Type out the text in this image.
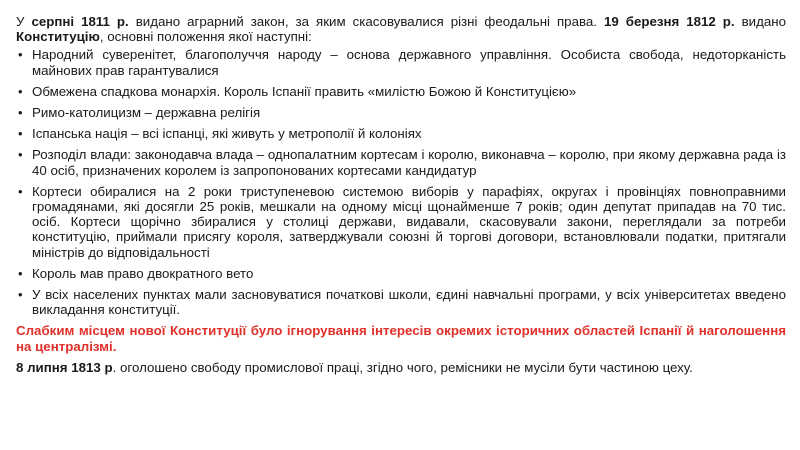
У серпні 1811 р. видано аграрний закон, за яким скасовувалися різні феодальні права. 19 березня 1812 р. видано Конституцію, основні положення якої наступні:

• Народний суверенітет, благополуччя народу – основа державного управління. Особиста свобода, недоторканість майнових прав гарантувалися
• Обмежена спадкова монархія. Король Іспанії править «милістю Божою й Конституцією»
• Римо-католицизм – державна релігія
• Іспанська нація – всі іспанці, які живуть у метрополії й колоніях
• Розподіл влади: законодавча влада – однопалатним кортесам і королю, виконавча – королю, при якому державна рада із 40 осіб, призначених королем із запропонованих кортесами кандидатур
• Кортеси обиралися на 2 роки триступеневою системою виборів у парафіях, округах і провінціях повноправними громадянами, які досягли 25 років, мешкали на одному місці щонайменше 7 років; один депутат припадав на 70 тис. осіб. Кортеси щорічно збиралися у столиці держави, видавали, скасовували закони, переглядали за потреби конституцію, приймали присягу короля, затверджували союзні й торгові договори, встановлювали податки, притягали міністрів до відповідальності
• Король мав право двократного вето
• У всіх населених пунктах мали засновуватися початкові школи, єдині навчальні програми, у всіх університетах введено викладання конституції.

Слабким місцем нової Конституції було ігнорування інтересів окремих історичних областей Іспанії й наголошення на централізмі.

8 липня 1813 р. оголошено свободу промислової праці, згідно чого, ремісники не мусіли бути частиною цеху.
